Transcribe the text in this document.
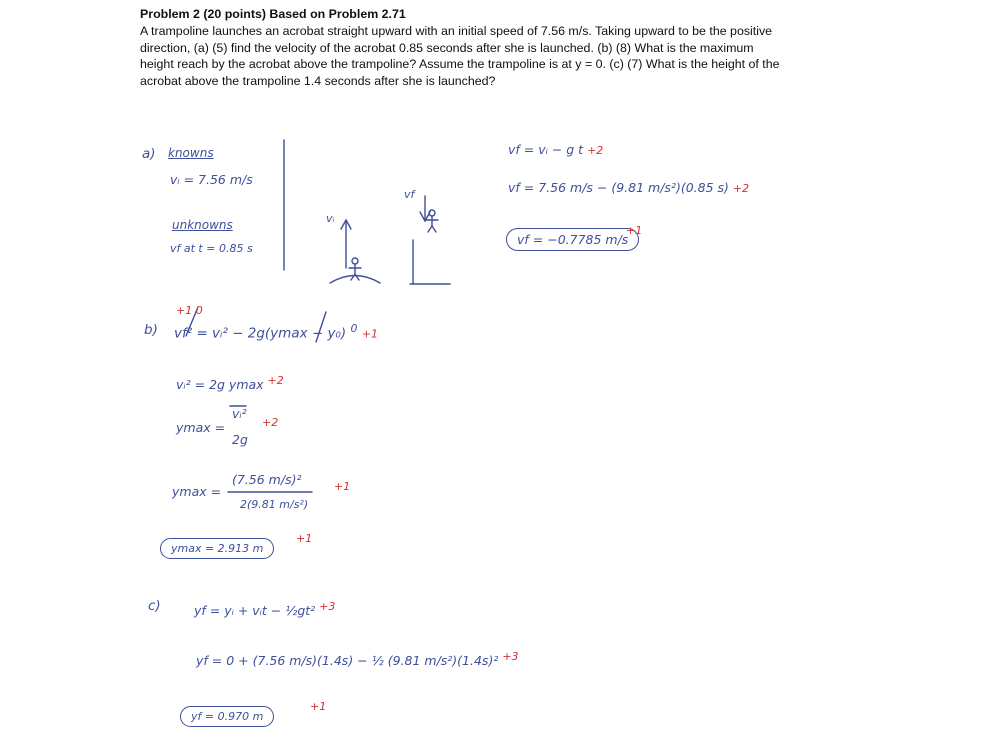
Problem 2 (20 points) Based on Problem 2.71
A trampoline launches an acrobat straight upward with an initial speed of 7.56 m/s. Taking upward to be the positive direction, (a) (5) find the velocity of the acrobat 0.85 seconds after she is launched. (b) (8) What is the maximum height reach by the acrobat above the trampoline? Assume the trampoline is at y = 0. (c) (7) What is the height of the acrobat above the trampoline 1.4 seconds after she is launched?
a) knowns
vᵢ = 7.56 m/s
unknowns
vf at t = 0.85 s
vᵢ
vf
vf = vᵢ − g t +2
vf = 7.56 m/s − (9.81 m/s²)(0.85 s) +2
vf = −0.7785 m/s
+1
+1 0
b) vf² = vᵢ² − 2g(ymax − y₀) $^0$ +1
vᵢ² = 2g ymax $^{+2}$
ymax =
vᵢ²
2g
+2
ymax =
(7.56 m/s)²
2(9.81 m/s²)
+1
ymax = 2.913 m
+1
c)	yf = yᵢ + vᵢt − ½gt² $^{+3}$
yf = 0 + (7.56 m/s)(1.4s) − ½ (9.81 m/s²)(1.4s)² $^{+3}$
yf = 0.970 m
+1
